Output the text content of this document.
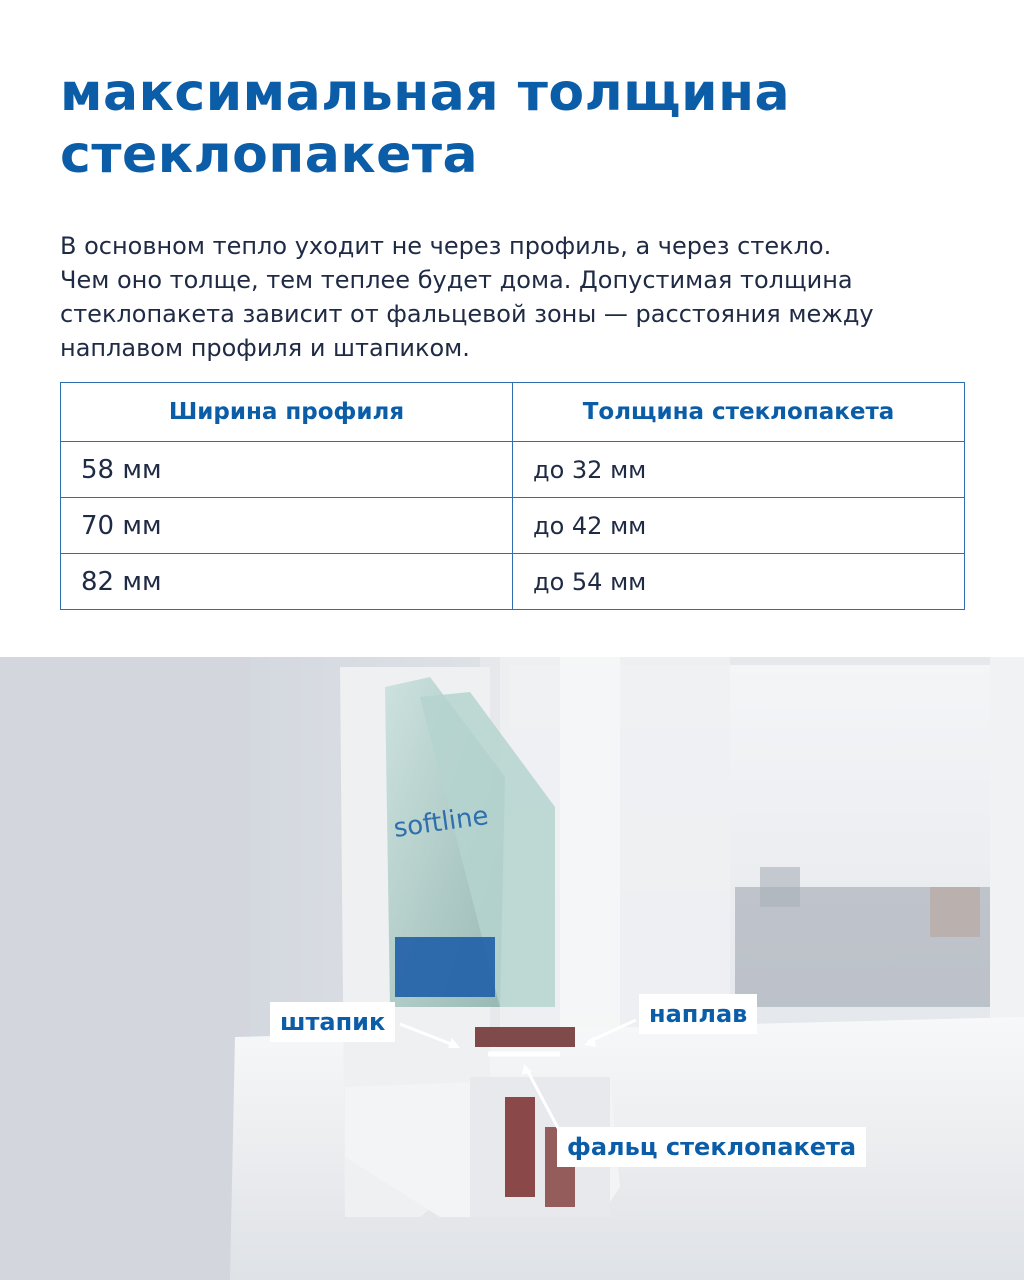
максимальная толщина
стеклопакета

В основном тепло уходит не через профиль, а через стекло.
Чем оно толще, тем теплее будет дома. Допустимая толщина
стеклопакета зависит от фальцевой зоны — расстояния между
наплавом профиля и штапиком.

Ширина профиля	Толщина стеклопакета
58 мм	до 32 мм
70 мм	до 42 мм
82 мм	до 54 мм
softline
штапик	наплав
фальц стеклопакета
